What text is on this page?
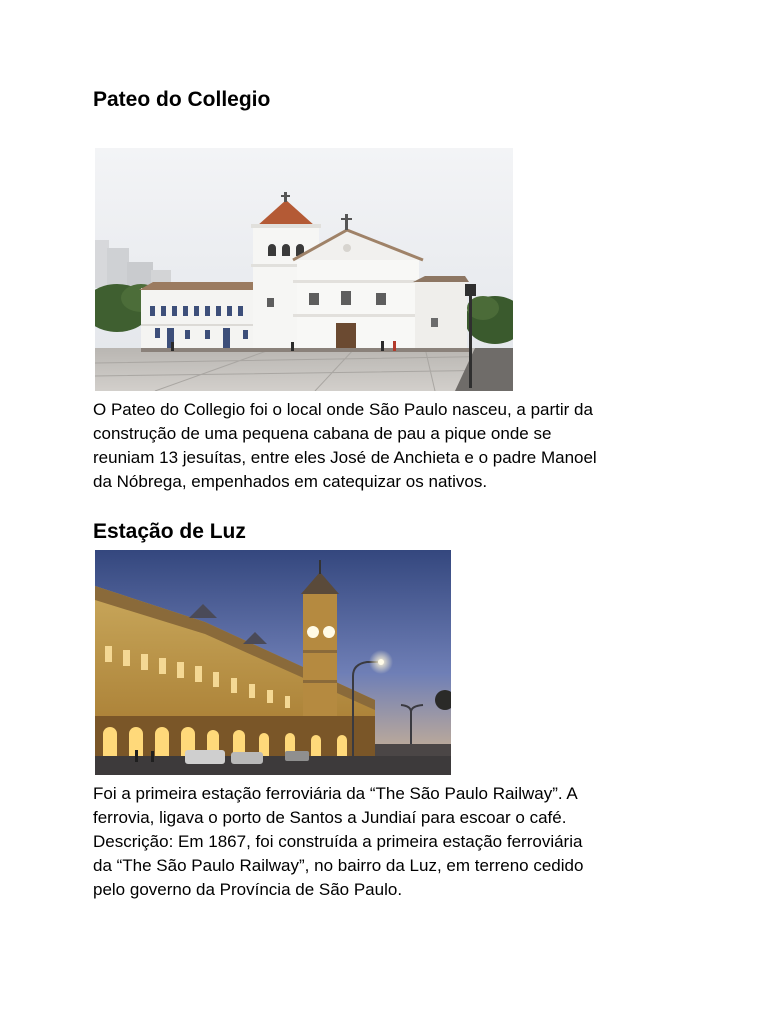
Pateo do Collegio

O Pateo do Collegio foi o local onde São Paulo nasceu, a partir da
construção de uma pequena cabana de pau a pique onde se
reuniam 13 jesuítas, entre eles José de Anchieta e o padre Manoel
da Nóbrega, empenhados em catequizar os nativos.

Estação de Luz

Foi a primeira estação ferroviária da “The São Paulo Railway”. A
ferrovia, ligava o porto de Santos a Jundiaí para escoar o café.
Descrição: Em 1867, foi construída a primeira estação ferroviária
da “The São Paulo Railway”, no bairro da Luz, em terreno cedido
pelo governo da Província de São Paulo.
